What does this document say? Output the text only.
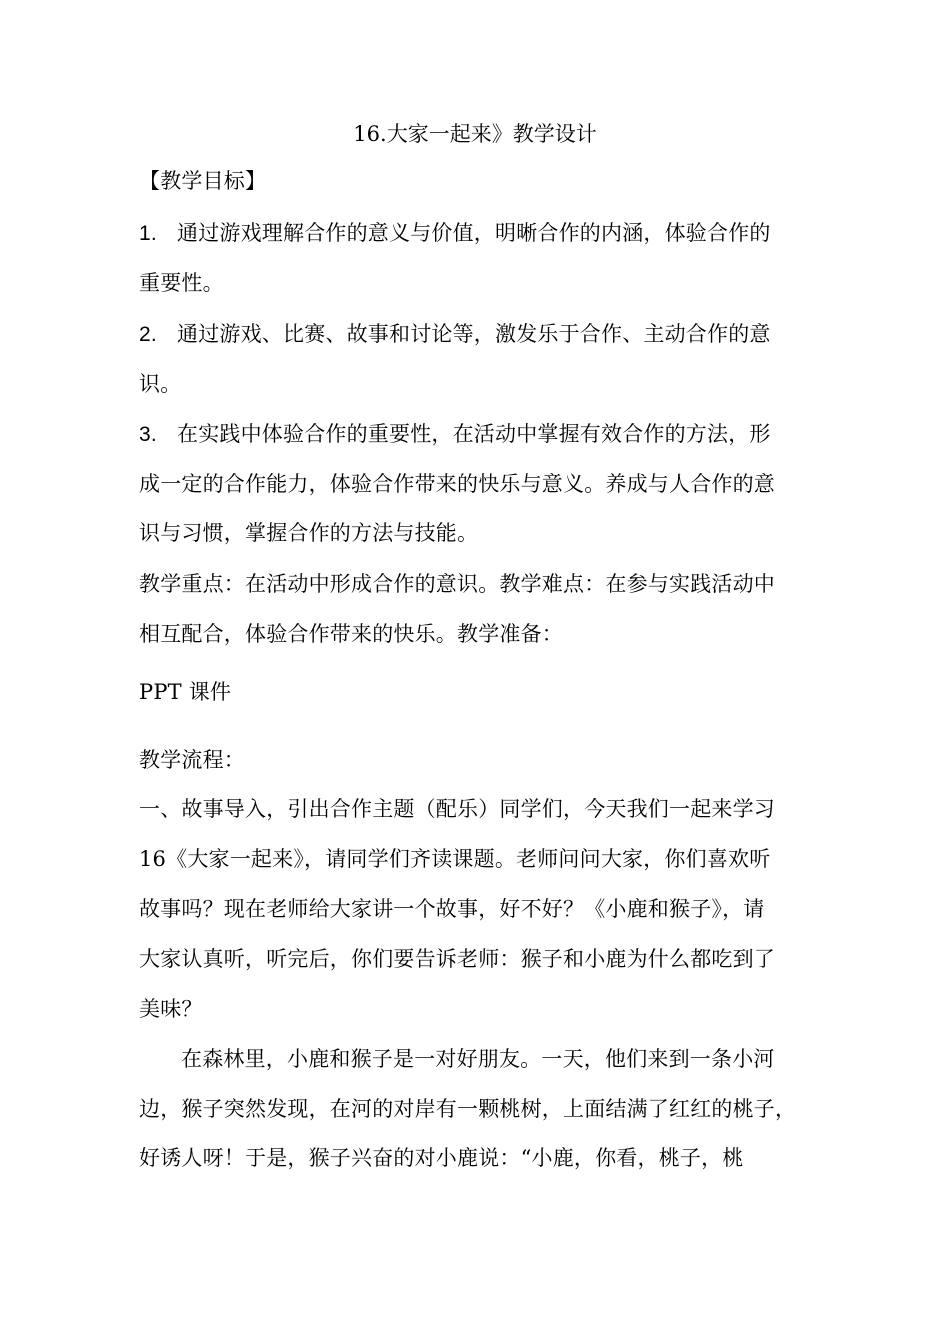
16.大家一起来》教学设计
【教学目标】
1. 通过游戏理解合作的意义与价值，明晰合作的内涵，体验合作的
重要性。
2. 通过游戏、比赛、故事和讨论等，激发乐于合作、主动合作的意
识。
3. 在实践中体验合作的重要性，在活动中掌握有效合作的方法，形
成一定的合作能力，体验合作带来的快乐与意义。养成与人合作的意
识与习惯，掌握合作的方法与技能。
教学重点：在活动中形成合作的意识。教学难点：在参与实践活动中
相互配合，体验合作带来的快乐。教学准备：
PPT 课件
教学流程：
一、故事导入，引出合作主题（配乐）同学们，今天我们一起来学习
16《大家一起来》，请同学们齐读课题。老师问问大家，你们喜欢听
故事吗？现在老师给大家讲一个故事，好不好？《小鹿和猴子》，请
大家认真听，听完后，你们要告诉老师：猴子和小鹿为什么都吃到了
美味？
在森林里，小鹿和猴子是一对好朋友。一天，他们来到一条小河
边，猴子突然发现，在河的对岸有一颗桃树，上面结满了红红的桃子，
好诱人呀！于是，猴子兴奋的对小鹿说：“小鹿，你看，桃子，桃
